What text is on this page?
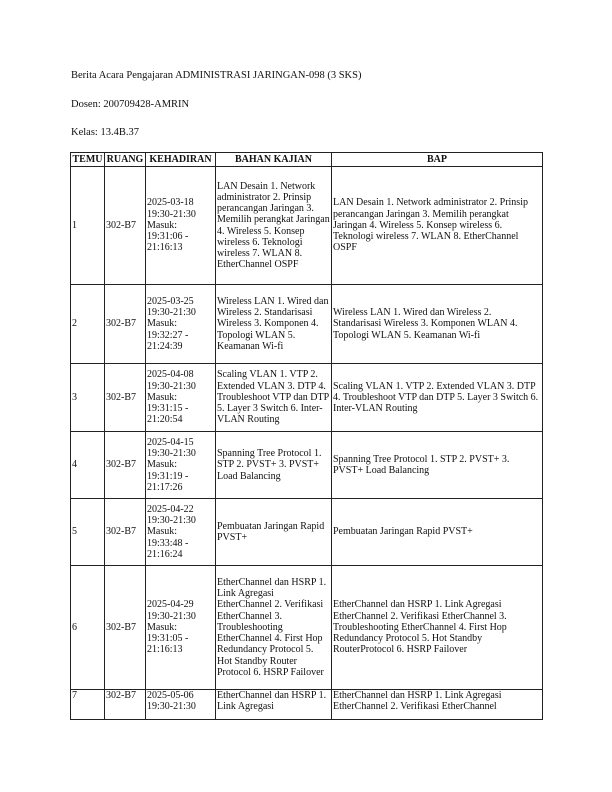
Berita Acara Pengajaran ADMINISTRASI JARINGAN-098 (3 SKS)
Dosen: 200709428-AMRIN
Kelas: 13.4B.37
TEMU	RUANG	KEHADIRAN	BAHAN KAJIAN	BAP
1	302-B7	2025-03-18 19:30-21:30 Masuk: 19:31:06 - 21:16:13	LAN Desain 1. Network administrator 2. Prinsip perancangan Jaringan 3. Memilih perangkat Jaringan 4. Wireless 5. Konsep wireless 6. Teknologi wireless 7. WLAN 8. EtherChannel OSPF	LAN Desain 1. Network administrator 2. Prinsip perancangan Jaringan 3. Memilih perangkat Jaringan 4. Wireless 5. Konsep wireless 6. Teknologi wireless 7. WLAN 8. EtherChannel OSPF
2	302-B7	2025-03-25 19:30-21:30 Masuk: 19:32:27 - 21:24:39	Wireless LAN 1. Wired dan Wireless 2. Standarisasi Wireless 3. Komponen 4. Topologi WLAN 5. Keamanan Wi-fi	Wireless LAN 1. Wired dan Wireless 2. Standarisasi Wireless 3. Komponen WLAN 4. Topologi WLAN 5. Keamanan Wi-fi
3	302-B7	2025-04-08 19:30-21:30 Masuk: 19:31:15 - 21:20:54	Scaling VLAN 1. VTP 2. Extended VLAN 3. DTP 4. Troubleshoot VTP dan DTP 5. Layer 3 Switch 6. Inter-VLAN Routing	Scaling VLAN 1. VTP 2. Extended VLAN 3. DTP 4. Troubleshoot VTP dan DTP 5. Layer 3 Switch 6. Inter-VLAN Routing
4	302-B7	2025-04-15 19:30-21:30 Masuk: 19:31:19 - 21:17:26	Spanning Tree Protocol 1. STP 2. PVST+ 3. PVST+ Load Balancing	Spanning Tree Protocol 1. STP 2. PVST+ 3. PVST+ Load Balancing
5	302-B7	2025-04-22 19:30-21:30 Masuk: 19:33:48 - 21:16:24	Pembuatan Jaringan Rapid PVST+	Pembuatan Jaringan Rapid PVST+
6	302-B7	2025-04-29 19:30-21:30 Masuk: 19:31:05 - 21:16:13	EtherChannel dan HSRP 1. Link Agregasi EtherChannel 2. Verifikasi EtherChannel 3. Troubleshooting EtherChannel 4. First Hop Redundancy Protocol 5. Hot Standby Router Protocol 6. HSRP Failover	EtherChannel dan HSRP 1. Link Agregasi EtherChannel 2. Verifikasi EtherChannel 3. Troubleshooting EtherChannel 4. First Hop Redundancy Protocol 5. Hot Standby RouterProtocol 6. HSRP Failover
7	302-B7	2025-05-06 19:30-21:30	EtherChannel dan HSRP 1. Link Agregasi	EtherChannel dan HSRP 1. Link Agregasi EtherChannel 2. Verifikasi EtherChannel
